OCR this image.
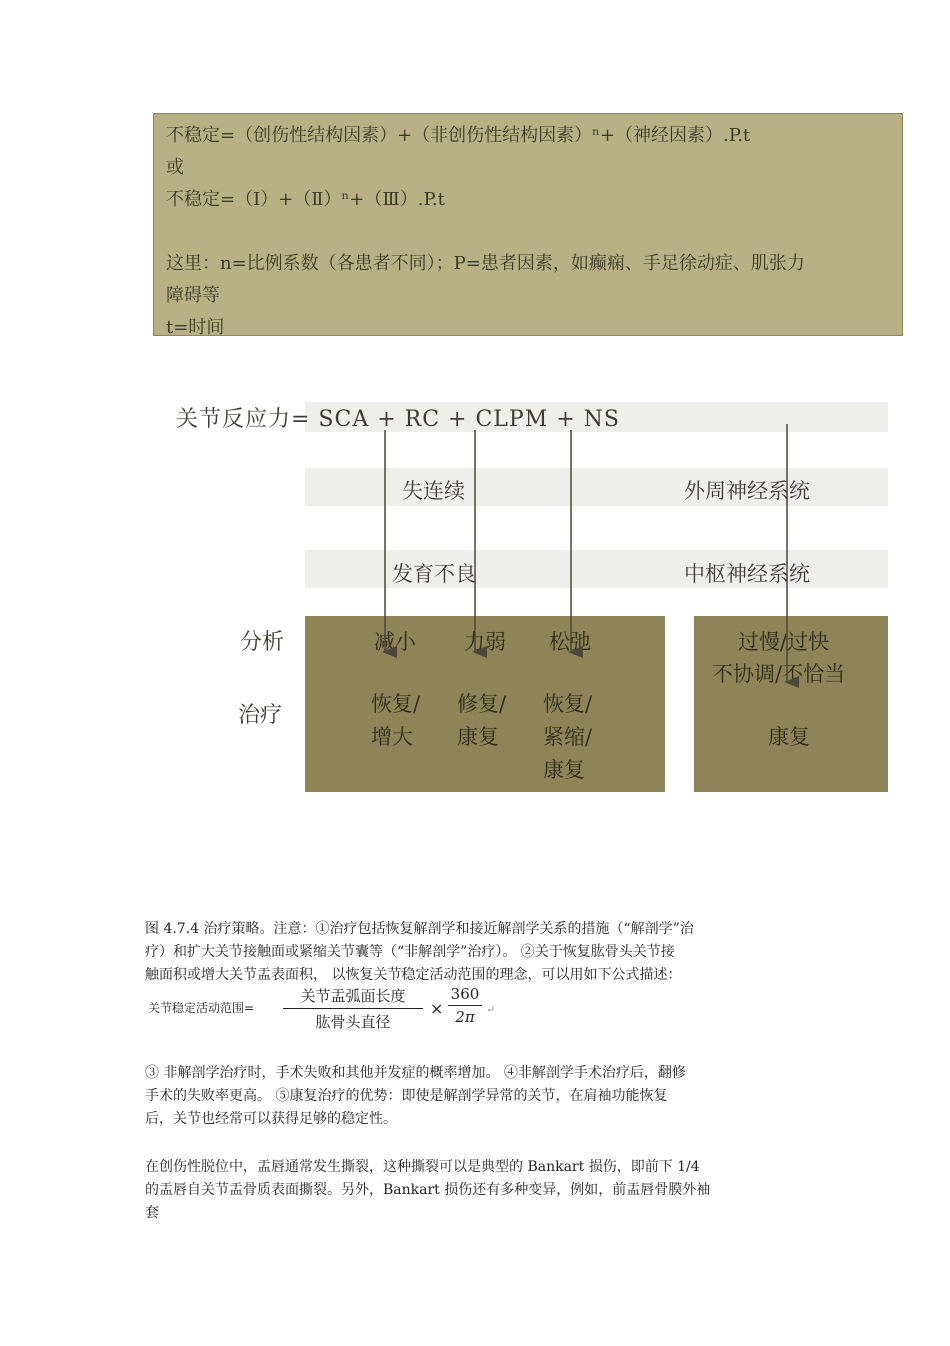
不稳定=（创伤性结构因素）+（非创伤性结构因素）ⁿ+（神经因素）.P.t
或
不稳定=（Ⅰ）+（Ⅱ）ⁿ+（Ⅲ）.P.t
这里：n=比例系数（各患者不同）；P=患者因素，如癫痫、手足徐动症、肌张力
障碍等
t=时间
关节反应力= SCA + RC + CLPM + NS
失连续
发育不良
外周神经系统
中枢神经系统
分析
治疗
减小 力弱 松弛
恢复/
增大
修复/
康复
恢复/
紧缩/
康复
过慢/过快
不协调/不恰当
康复
图 4.7.4 治疗策略。注意：①治疗包括恢复解剖学和接近解剖学关系的措施（“解剖学”治
疗）和扩大关节接触面或紧缩关节囊等（“非解剖学”治疗）。 ②关于恢复肱骨头关节接
触面积或增大关节盂表面积， 以恢复关节稳定活动范围的理念，可以用如下公式描述：
关节稳定活动范围=
关节盂弧面长度
肱骨头直径
× $\frac{360}{2\pi}$ ↵
③ 非解剖学治疗时，手术失败和其他并发症的概率增加。 ④非解剖学手术治疗后，翻修
手术的失败率更高。 ⑤康复治疗的优势：即使是解剖学异常的关节，在肩袖功能恢复
后，关节也经常可以获得足够的稳定性。
在创伤性脱位中，盂唇通常发生撕裂，这种撕裂可以是典型的 Bankart 损伤，即前下 1/4
的盂唇自关节盂骨质表面撕裂。另外，Bankart 损伤还有多种变异，例如，前盂唇骨膜外袖
套
